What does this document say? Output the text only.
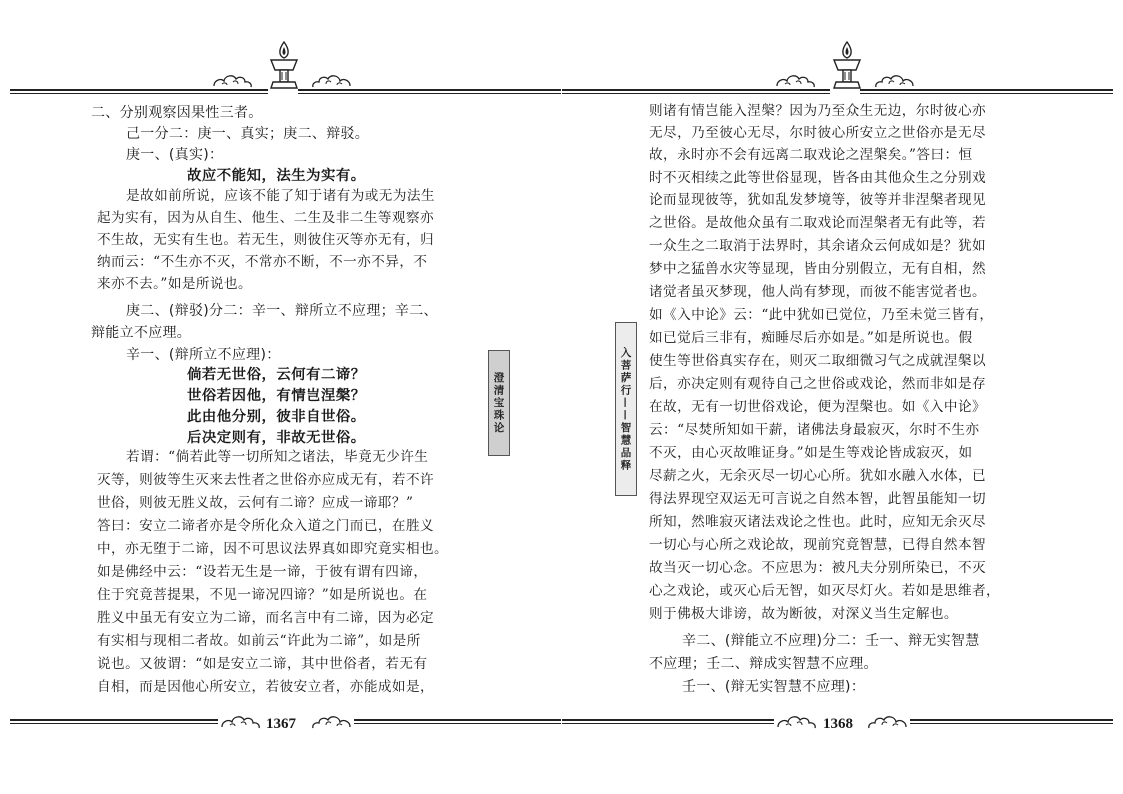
二、分别观察因果性三者。
己一分二：庚一、真实；庚二、辩驳。
庚一、(真实)：
故应不能知，法生为实有。
是故如前所说，应该不能了知于诸有为或无为法生
起为实有，因为从自生、他生、二生及非二生等观察亦
不生故，无实有生也。若无生，则彼住灭等亦无有，归
纳而云：“不生亦不灭，不常亦不断，不一亦不异，不
来亦不去。”如是所说也。
庚二、(辩驳)分二：辛一、辩所立不应理；辛二、
辩能立不应理。
辛一、(辩所立不应理)：
倘若无世俗，云何有二谛？
世俗若因他，有情岂涅槃？
此由他分别，彼非自世俗。
后决定则有，非故无世俗。
若谓：“倘若此等一切所知之诸法，毕竟无少许生
灭等，则彼等生灭来去性者之世俗亦应成无有，若不许
世俗，则彼无胜义故，云何有二谛？应成一谛耶？”
答曰：安立二谛者亦是令所化众入道之门而已，在胜义
中，亦无堕于二谛，因不可思议法界真如即究竟实相也。
如是佛经中云：“设若无生是一谛，于彼有谓有四谛，
住于究竟菩提果，不见一谛况四谛？”如是所说也。在
胜义中虽无有安立为二谛，而名言中有二谛，因为必定
有实相与现相二者故。如前云“许此为二谛”，如是所
说也。又彼谓：“如是安立二谛，其中世俗者，若无有
自相，而是因他心所安立，若彼安立者，亦能成如是，
1367
澄清宝珠论	入菩萨行——智慧品释
则诸有情岂能入涅槃？因为乃至众生无边，尔时彼心亦
无尽，乃至彼心无尽，尔时彼心所安立之世俗亦是无尽
故，永时亦不会有远离二取戏论之涅槃矣。”答曰：恒
时不灭相续之此等世俗显现，皆各由其他众生之分别戏
论而显现彼等，犹如乱发梦境等，彼等并非涅槃者现见
之世俗。是故他众虽有二取戏论而涅槃者无有此等，若
一众生之二取消于法界时，其余诸众云何成如是？犹如
梦中之猛兽水灾等显现，皆由分别假立，无有自相，然
诸觉者虽灭梦现，他人尚有梦现，而彼不能害觉者也。
如《入中论》云：“此中犹如已觉位，乃至未觉三皆有，
如已觉后三非有，痴睡尽后亦如是。”如是所说也。假
使生等世俗真实存在，则灭二取细微习气之成就涅槃以
后，亦决定则有观待自己之世俗或戏论，然而非如是存
在故，无有一切世俗戏论，便为涅槃也。如《入中论》
云：“尽焚所知如干薪，诸佛法身最寂灭，尔时不生亦
不灭，由心灭故唯证身。”如是生等戏论皆成寂灭，如
尽薪之火，无余灭尽一切心心所。犹如水融入水体，已
得法界现空双运无可言说之自然本智，此智虽能知一切
所知，然唯寂灭诸法戏论之性也。此时，应知无余灭尽
一切心与心所之戏论故，现前究竟智慧，已得自然本智
故当灭一切心念。不应思为：被凡夫分别所染已，不灭
心之戏论，或灭心后无智，如灭尽灯火。若如是思维者，
则于佛极大诽谤，故为断彼，对深义当生定解也。
辛二、(辩能立不应理)分二：壬一、辩无实智慧
不应理；壬二、辩成实智慧不应理。
壬一、(辩无实智慧不应理)：
1368
